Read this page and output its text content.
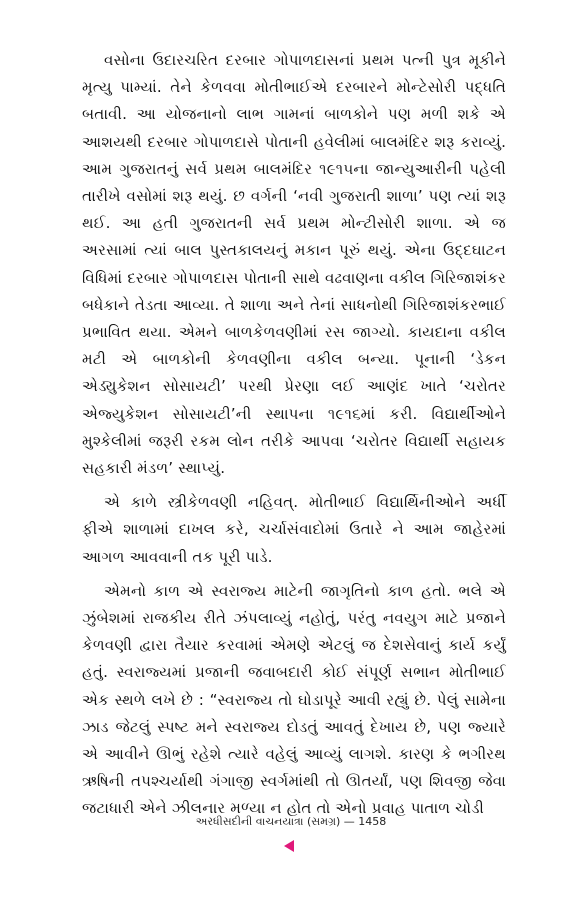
વસોના ઉદારચરિત દરબાર ગોપાળદાસનાં પ્રથમ પત્ની પુત્ર મૂકીને મૃત્યુ પામ્યાં. તેને કેળવવા મોતીભાઈએ દરબારને મોન્ટેસોરી પદ્ધતિ બતાવી. આ યોજનાનો લાભ ગામનાં બાળકોને પણ મળી શકે એ આશયથી દરબાર ગોપાળદાસે પોતાની હવેલીમાં બાલમંદિર શરૂ કરાવ્યું. આમ ગુજરાતનું સર્વ પ્રથમ બાલમંદિર ૧૯૧૫ના જાન્યુઆરીની પહેલી તારીખે વસોમાં શરૂ થયું. છ વર્ગની ‘નવી ગુજરાતી શાળા’ પણ ત્યાં શરૂ થઈ. આ હતી ગુજરાતની સર્વ પ્રથમ મોન્ટીસોરી શાળા. એ જ અરસામાં ત્યાં બાલ પુસ્તકાલયનું મકાન પૂરું થયું. એના ઉદ્દઘાટન વિધિમાં દરબાર ગોપાળદાસ પોતાની સાથે વઢવાણના વકીલ ગિરિજાશંકર બધેકાને તેડતા આવ્યા. તે શાળા અને તેનાં સાધનોથી ગિરિજાશંકરભાઈ પ્રભાવિત થયા. એમને બાળકેળવણીમાં રસ જાગ્યો. કાયદાના વકીલ મટી એ બાળકોની કેળવણીના વકીલ બન્યા. પૂનાની ‘ડેકન એડ્યુકેશન સોસાયટી’ પરથી પ્રેરણા લઈ આણંદ ખાતે ‘ચરોતર એજ્યુકેશન સોસાયટી’ની સ્થાપના ૧૯૧૬માં કરી. વિદ્યાર્થીઓને મુશ્કેલીમાં જરૂરી રકમ લોન તરીકે આપવા ‘ચરોતર વિદ્યાર્થી સહાયક સહકારી મંડળ’ સ્થાપ્યું.

એ કાળે સ્ત્રીકેળવણી નહિવત્. મોતીભાઈ વિદ્યાર્થિનીઓને અર્ધી ફીએ શાળામાં દાખલ કરે, ચર્ચાસંવાદોમાં ઉતારે ને આમ જાહેરમાં આગળ આવવાની તક પૂરી પાડે.

એમનો કાળ એ સ્વરાજ્ય માટેની જાગૃતિનો કાળ હતો. ભલે એ ઝુંબેશમાં રાજકીય રીતે ઝંપલાવ્યું નહોતું, પરંતુ નવયુગ માટે પ્રજાને કેળવણી દ્વારા તૈયાર કરવામાં એમણે એટલું જ દેશસેવાનું કાર્ય કર્યું હતું. સ્વરાજ્યમાં પ્રજાની જવાબદારી કોઈ સંપૂર્ણ સભાન મોતીભાઈ એક સ્થળે લખે છે : “સ્વરાજ્ય તો ઘોડાપૂરે આવી રહ્યું છે. પેલું સામેના ઝાડ જેટલું સ્પષ્ટ મને સ્વરાજ્ય દોડતું આવતું દેખાય છે, પણ જ્યારે એ આવીને ઊભું રહેશે ત્યારે વહેલું આવ્યું લાગશે. કારણ કે ભગીરથ ઋષિની તપશ્ચર્યાથી ગંગાજી સ્વર્ગમાંથી તો ઊતર્યાં, પણ શિવજી જેવા જટાધારી એને ઝીલનાર મળ્યા ન હોત તો એનો પ્રવાહ પાતાળ ચોડી

અરધીસદીની વાચનયાત્રા (સમગ્ર) — 1458
